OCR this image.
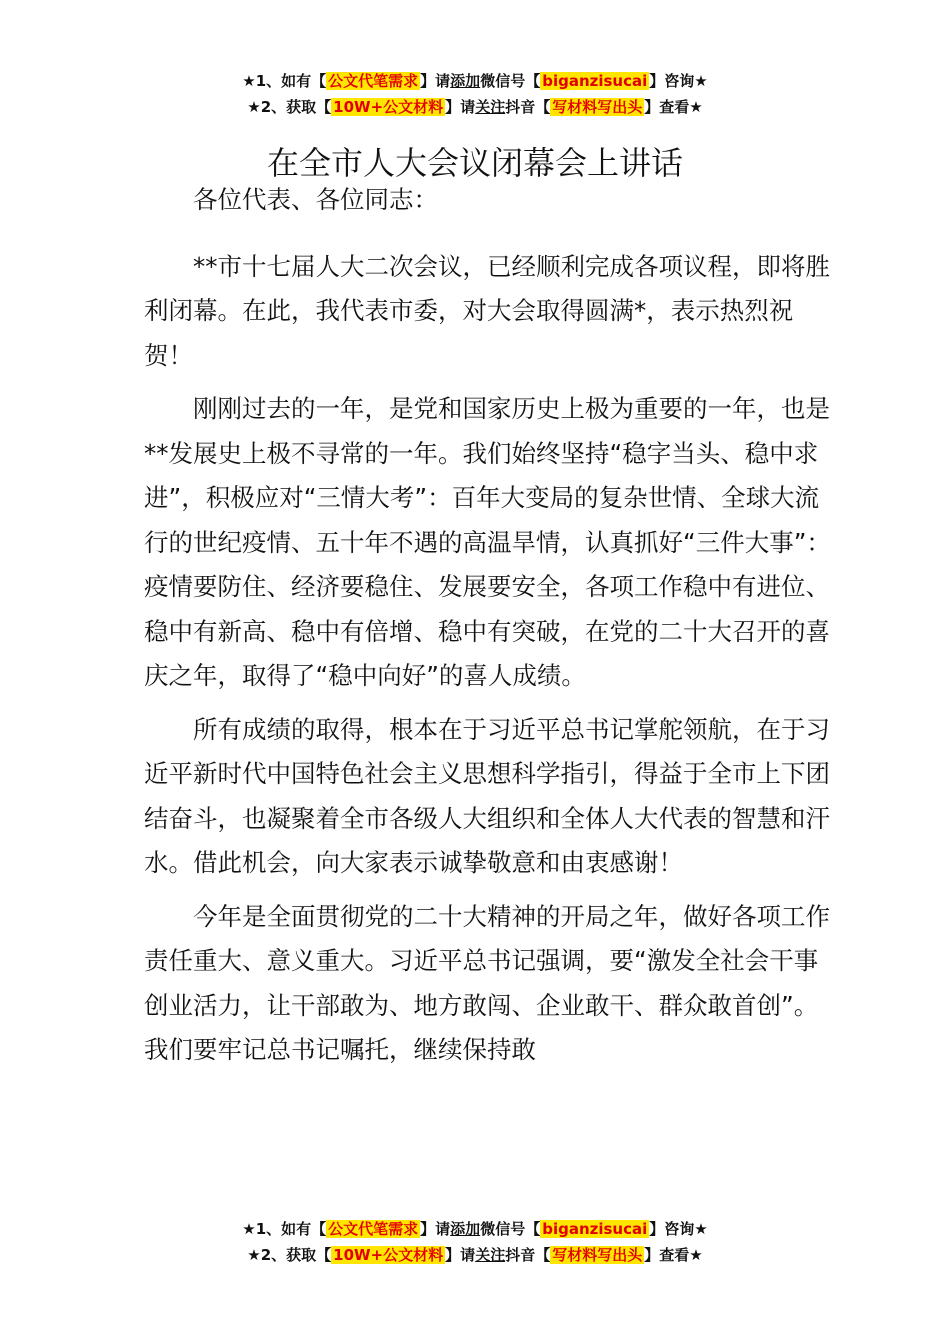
★1、如有【 公文代笔需求 】请添加微信号【 biganzisucai 】咨询★
★2、获取【 10W+公文材料 】请关注抖音【 写材料写出头 】查看★
在全市人大会议闭幕会上讲话

各位代表、各位同志：

**市十七届人大二次会议，已经顺利完成各项议程，即将胜利闭幕。在此，我代表市委，对大会取得圆满*，表示热烈祝贺！

刚刚过去的一年，是党和国家历史上极为重要的一年，也是**发展史上极不寻常的一年。我们始终坚持“稳字当头、稳中求进”，积极应对“三情大考”：百年大变局的复杂世情、全球大流行的世纪疫情、五十年不遇的高温旱情，认真抓好“三件大事”：疫情要防住、经济要稳住、发展要安全，各项工作稳中有进位、稳中有新高、稳中有倍增、稳中有突破，在党的二十大召开的喜庆之年，取得了“稳中向好”的喜人成绩。

所有成绩的取得，根本在于习近平总书记掌舵领航，在于习近平新时代中国特色社会主义思想科学指引，得益于全市上下团结奋斗，也凝聚着全市各级人大组织和全体人大代表的智慧和汗水。借此机会，向大家表示诚挚敬意和由衷感谢！

今年是全面贯彻党的二十大精神的开局之年，做好各项工作责任重大、意义重大。习近平总书记强调，要“激发全社会干事创业活力，让干部敢为、地方敢闯、企业敢干、群众敢首创”。我们要牢记总书记嘱托，继续保持敢

★1、如有【 公文代笔需求 】请添加微信号【 biganzisucai 】咨询★
★2、获取【 10W+公文材料 】请关注抖音【 写材料写出头 】查看★
